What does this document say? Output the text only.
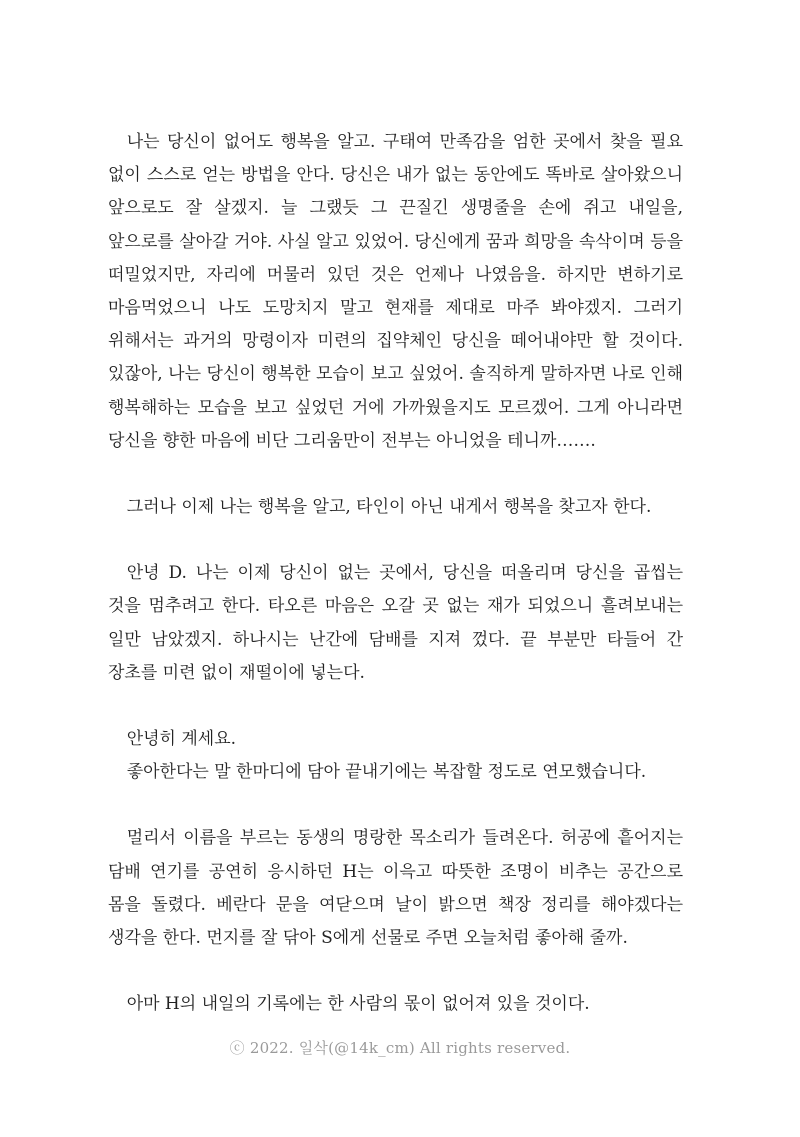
나는 당신이 없어도 행복을 알고. 구태여 만족감을 엄한 곳에서 찾을 필요 없이 스스로 얻는 방법을 안다. 당신은 내가 없는 동안에도 똑바로 살아왔으니 앞으로도 잘 살겠지. 늘 그랬듯 그 끈질긴 생명줄을 손에 쥐고 내일을, 앞으로를 살아갈 거야. 사실 알고 있었어. 당신에게 꿈과 희망을 속삭이며 등을 떠밀었지만, 자리에 머물러 있던 것은 언제나 나였음을. 하지만 변하기로 마음먹었으니 나도 도망치지 말고 현재를 제대로 마주 봐야겠지. 그러기 위해서는 과거의 망령이자 미련의 집약체인 당신을 떼어내야만 할 것이다. 있잖아, 나는 당신이 행복한 모습이 보고 싶었어. 솔직하게 말하자면 나로 인해 행복해하는 모습을 보고 싶었던 거에 가까웠을지도 모르겠어. 그게 아니라면 당신을 향한 마음에 비단 그리움만이 전부는 아니었을 테니까…….

그러나 이제 나는 행복을 알고, 타인이 아닌 내게서 행복을 찾고자 한다.

안녕 D. 나는 이제 당신이 없는 곳에서, 당신을 떠올리며 당신을 곱씹는 것을 멈추려고 한다. 타오른 마음은 오갈 곳 없는 재가 되었으니 흘려보내는 일만 남았겠지. 하나시는 난간에 담배를 지져 껐다. 끝 부분만 타들어 간 장초를 미련 없이 재떨이에 넣는다.

안녕히 계세요.

좋아한다는 말 한마디에 담아 끝내기에는 복잡할 정도로 연모했습니다.

멀리서 이름을 부르는 동생의 명랑한 목소리가 들려온다. 허공에 흩어지는 담배 연기를 공연히 응시하던 H는 이윽고 따뜻한 조명이 비추는 공간으로 몸을 돌렸다. 베란다 문을 여닫으며 날이 밝으면 책장 정리를 해야겠다는 생각을 한다. 먼지를 잘 닦아 S에게 선물로 주면 오늘처럼 좋아해 줄까.

아마 H의 내일의 기록에는 한 사람의 몫이 없어져 있을 것이다.

ⓒ 2022. 일삭(@14k_cm) All rights reserved.
